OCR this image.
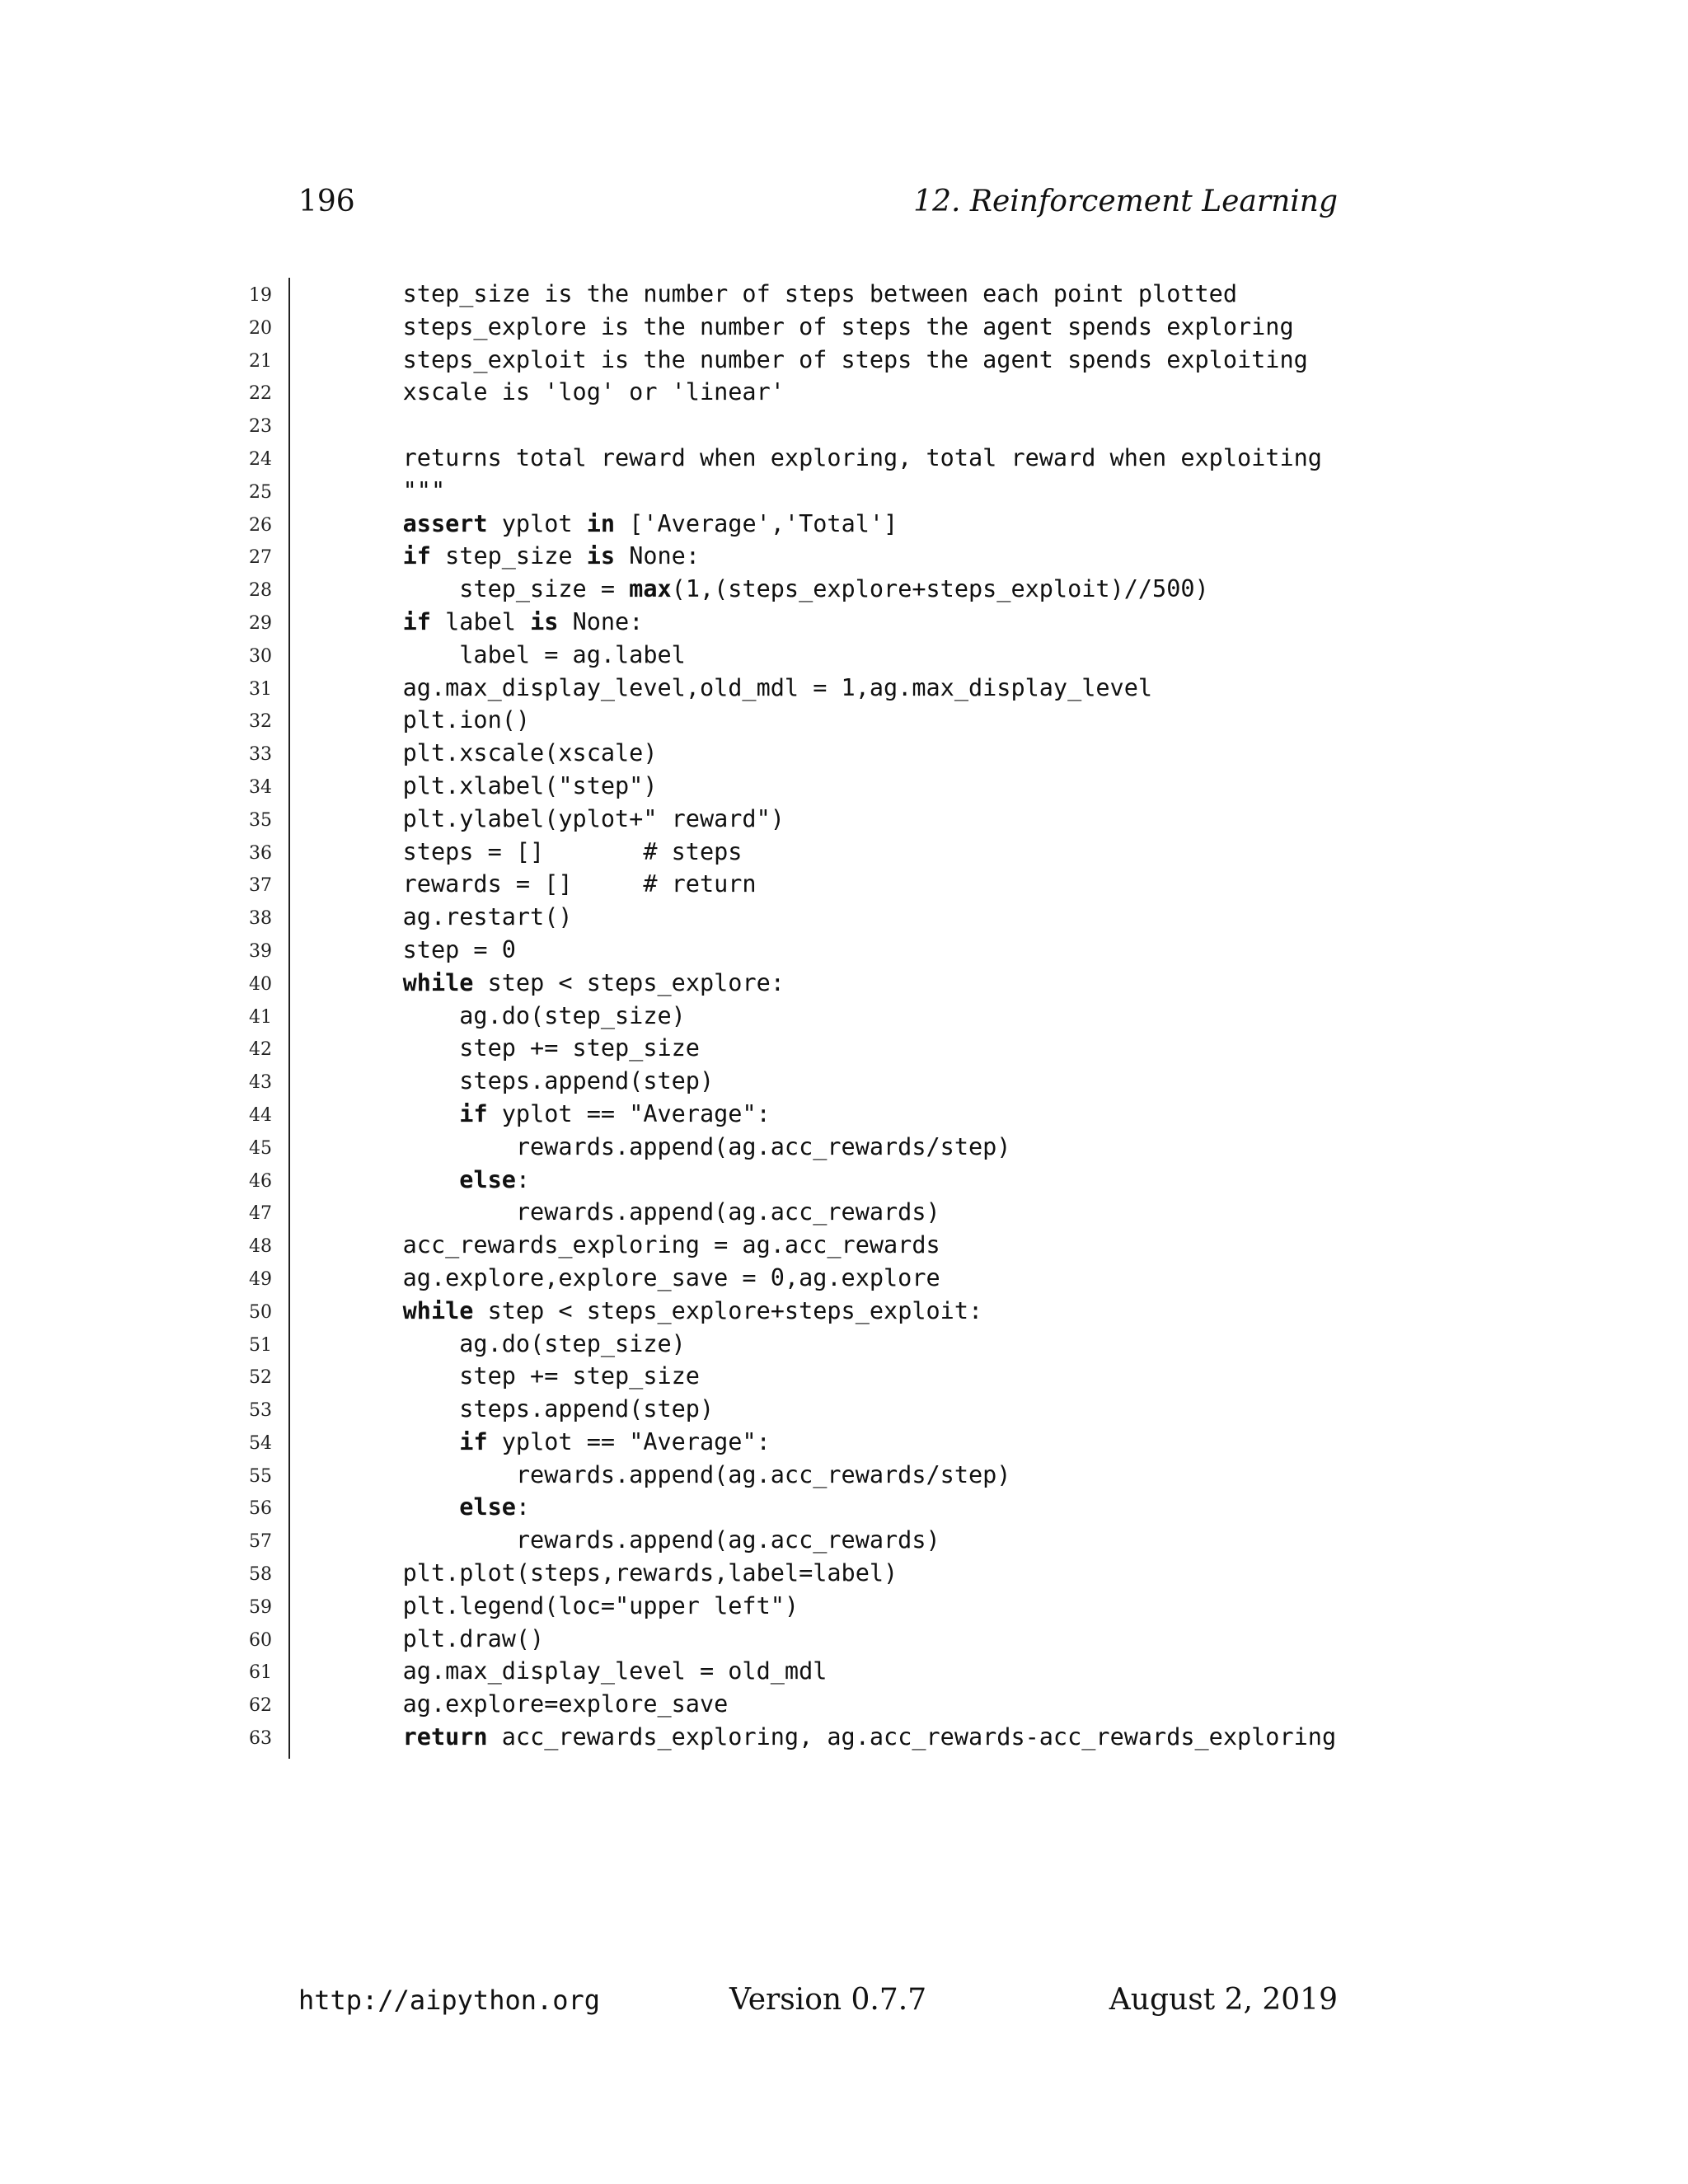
196	12. Reinforcement Learning
19	step_size is the number of steps between each point plotted
20	steps_explore is the number of steps the agent spends exploring
21	steps_exploit is the number of steps the agent spends exploiting
22	xscale is 'log' or 'linear'
23
24	returns total reward when exploring, total reward when exploiting
25	"""
26	assert yplot in ['Average','Total']
27	if step_size is None:
28	step_size = max(1,(steps_explore+steps_exploit)//500)
29	if label is None:
30	label = ag.label
31	ag.max_display_level,old_mdl = 1,ag.max_display_level
32	plt.ion()
33	plt.xscale(xscale)
34	plt.xlabel("step")
35	plt.ylabel(yplot+" reward")
36	steps = []       # steps
37	rewards = []     # return
38	ag.restart()
39	step = 0
40	while step < steps_explore:
41	ag.do(step_size)
42	step += step_size
43	steps.append(step)
44	if yplot == "Average":
45	rewards.append(ag.acc_rewards/step)
46	else:
47	rewards.append(ag.acc_rewards)
48	acc_rewards_exploring = ag.acc_rewards
49	ag.explore,explore_save = 0,ag.explore
50	while step < steps_explore+steps_exploit:
51	ag.do(step_size)
52	step += step_size
53	steps.append(step)
54	if yplot == "Average":
55	rewards.append(ag.acc_rewards/step)
56	else:
57	rewards.append(ag.acc_rewards)
58	plt.plot(steps,rewards,label=label)
59	plt.legend(loc="upper left")
60	plt.draw()
61	ag.max_display_level = old_mdl
62	ag.explore=explore_save
63	return acc_rewards_exploring, ag.acc_rewards-acc_rewards_exploring
http://aipython.org	Version 0.7.7	August 2, 2019
